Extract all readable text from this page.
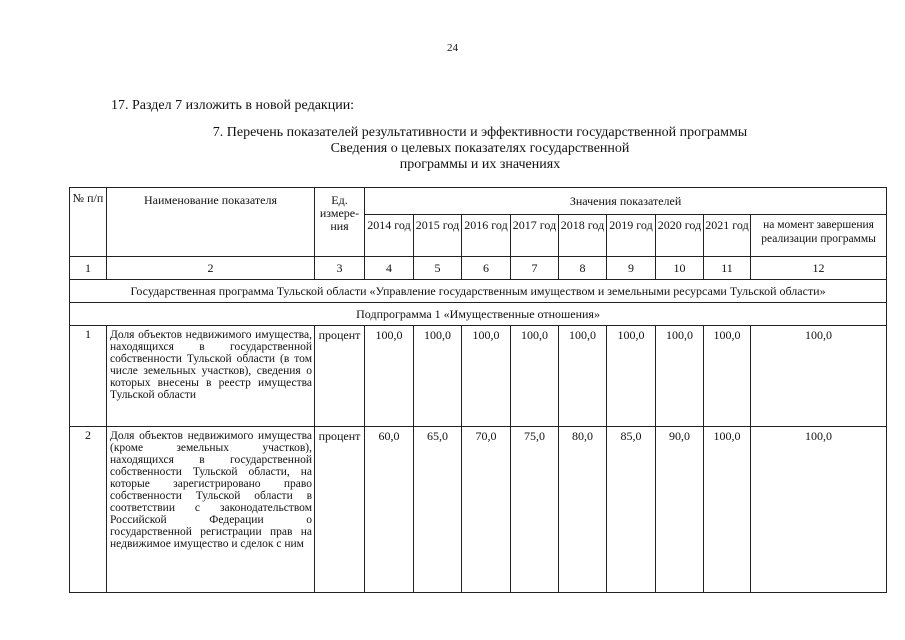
24
17. Раздел 7 изложить в новой редакции:
7. Перечень показателей результативности и эффективности государственной программы
Сведения о целевых показателях государственной
программы и их значениях
№ п/п	Наименование показателя	Ед. измере-ния	Значения показателей								
			2014 год	2015 год	2016 год	2017 год	2018 год	2019 год	2020 год	2021 год	на момент завершения реализации программы
1	2	3	4	5	6	7	8	9	10	11	12
Государственная программа Тульской области «Управление государственным имуществом и земельными ресурсами Тульской области»											
Подпрограмма 1 «Имущественные отношения»											
1	Доля объектов недвижимого имущества, находящихся в государственной собственности Тульской области (в том числе земельных участков), сведения о которых внесены в реестр имущества Тульской области	процент	100,0	100,0	100,0	100,0	100,0	100,0	100,0	100,0	100,0
2	Доля объектов недвижимого имущества (кроме земельных участков), находящихся в государственной собственности Тульской области, на которые зарегистрировано право собственности Тульской области в соответствии с законодательством Российской Федерации о государственной регистрации прав на недвижимое имущество и сделок с ним	процент	60,0	65,0	70,0	75,0	80,0	85,0	90,0	100,0	100,0
